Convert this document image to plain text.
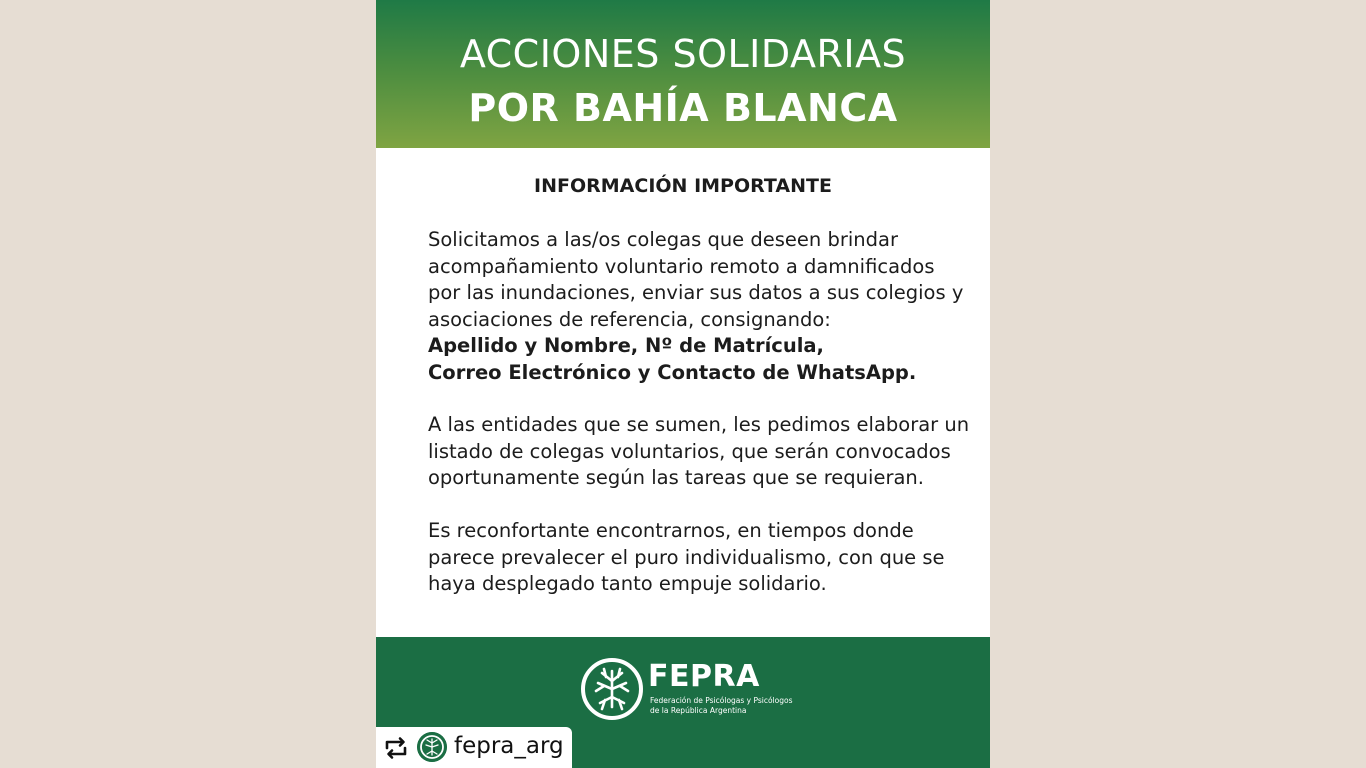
ACCIONES SOLIDARIAS
POR BAHÍA BLANCA
INFORMACIÓN IMPORTANTE
Solicitamos a las/os colegas que deseen brindar
acompañamiento voluntario remoto a damnificados
por las inundaciones, enviar sus datos a sus colegios y
asociaciones de referencia, consignando:
Apellido y Nombre, Nº de Matrícula,
Correo Electrónico y Contacto de WhatsApp.
A las entidades que se sumen, les pedimos elaborar un
listado de colegas voluntarios, que serán convocados
oportunamente según las tareas que se requieran.
Es reconfortante encontrarnos, en tiempos donde
parece prevalecer el puro individualismo, con que se
haya desplegado tanto empuje solidario.
FEPRA
Federación de Psicólogas y Psicólogos
de la República Argentina
fepra_arg
